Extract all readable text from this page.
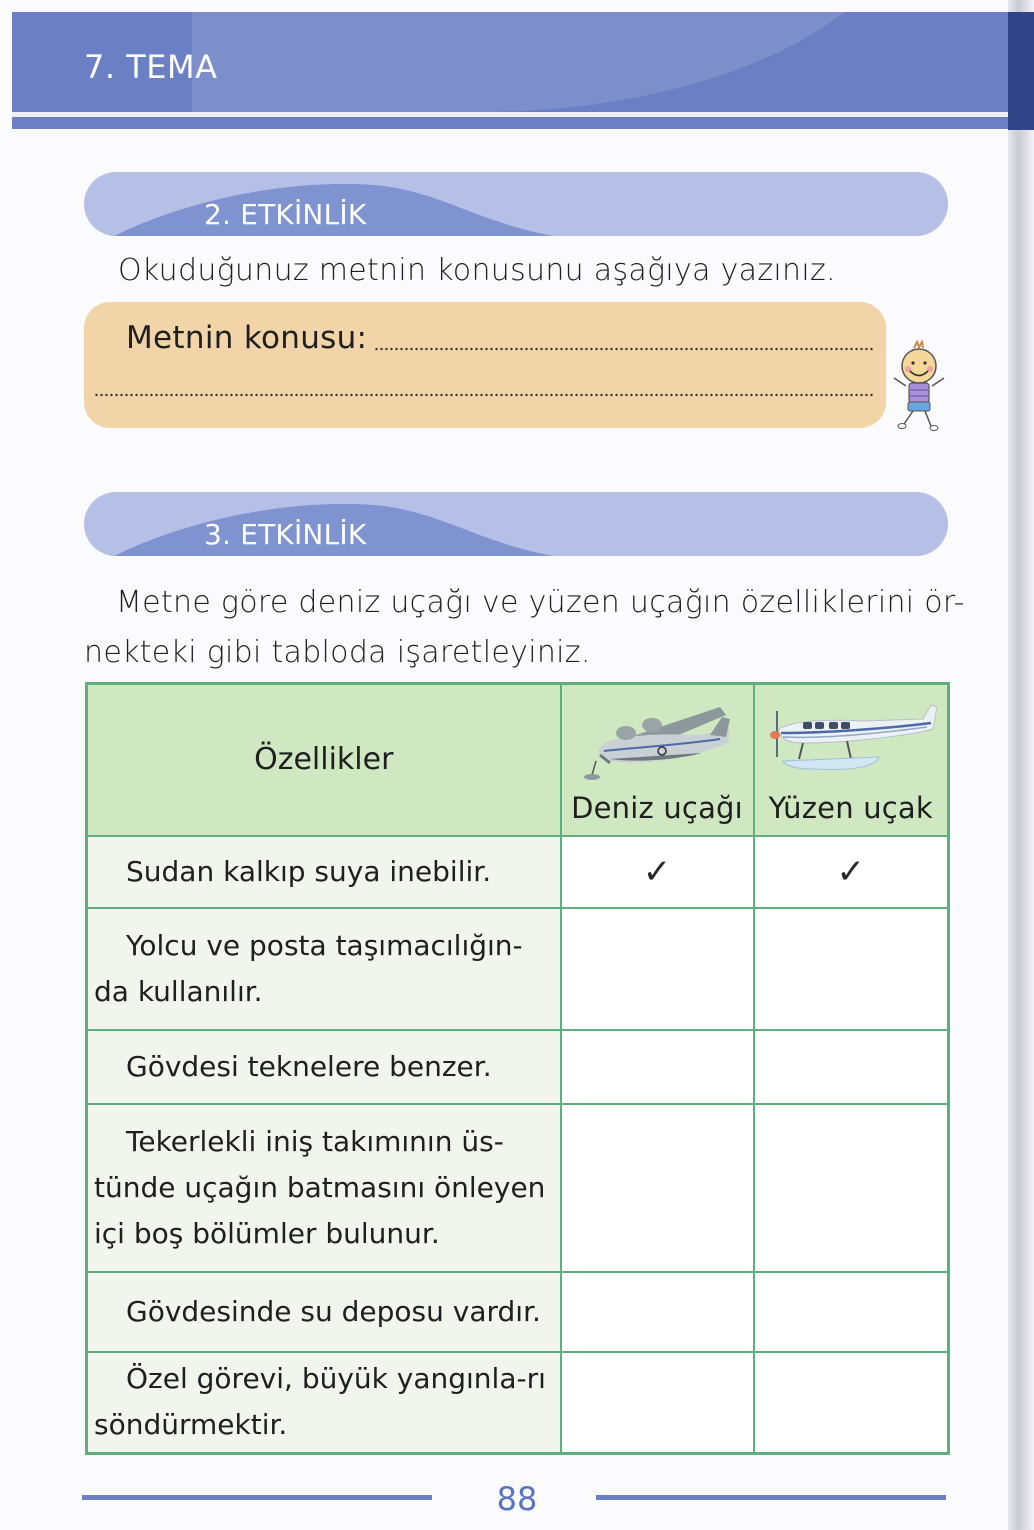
7. TEMA
2. ETKİNLİK
Okuduğunuz metnin konusunu aşağıya yazınız.
Metnin konusu:
3. ETKİNLİK
Metne göre deniz uçağı ve yüzen uçağın özelliklerini ör-
nekteki gibi tabloda işaretleyiniz.
Özellikler	Deniz uçağı	Yüzen uçak

Sudan kalkıp suya inebilir.	✓	✓

Yolcu ve posta taşımacılığın-da kullanılır.		

Gövdesi teknelere benzer.		

Tekerlekli iniş takımının üs-tünde uçağın batmasını önleyen içi boş bölümler bulunur.		

Gövdesinde su deposu vardır.		

Özel görevi, büyük yangınla-rı söndürmektir.		

88
